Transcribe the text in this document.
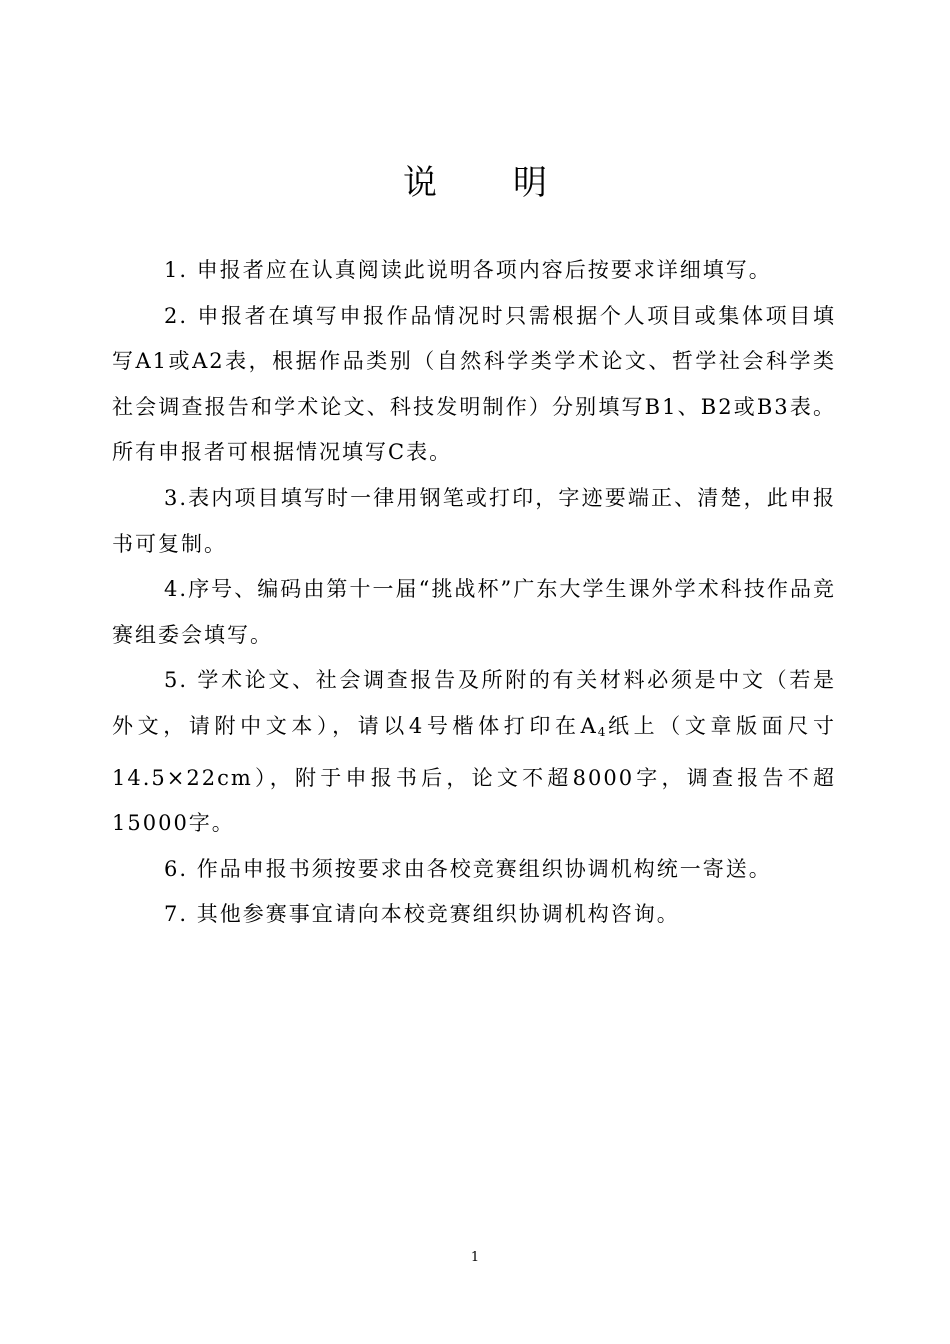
说明

1. 申报者应在认真阅读此说明各项内容后按要求详细填写。

2. 申报者在填写申报作品情况时只需根据个人项目或集体项目填写A1或A2表，根据作品类别（自然科学类学术论文、哲学社会科学类社会调查报告和学术论文、科技发明制作）分别填写B1、B2或B3表。所有申报者可根据情况填写C表。

3.表内项目填写时一律用钢笔或打印，字迹要端正、清楚，此申报书可复制。

4.序号、编码由第十一届“挑战杯”广东大学生课外学术科技作品竞赛组委会填写。

5. 学术论文、社会调查报告及所附的有关材料必须是中文（若是外文，请附中文本），请以4号楷体打印在$A_4$纸上（文章版面尺寸14.5×22cm），附于申报书后，论文不超8000字，调查报告不超15000字。

6. 作品申报书须按要求由各校竞赛组织协调机构统一寄送。

7. 其他参赛事宜请向本校竞赛组织协调机构咨询。

1
